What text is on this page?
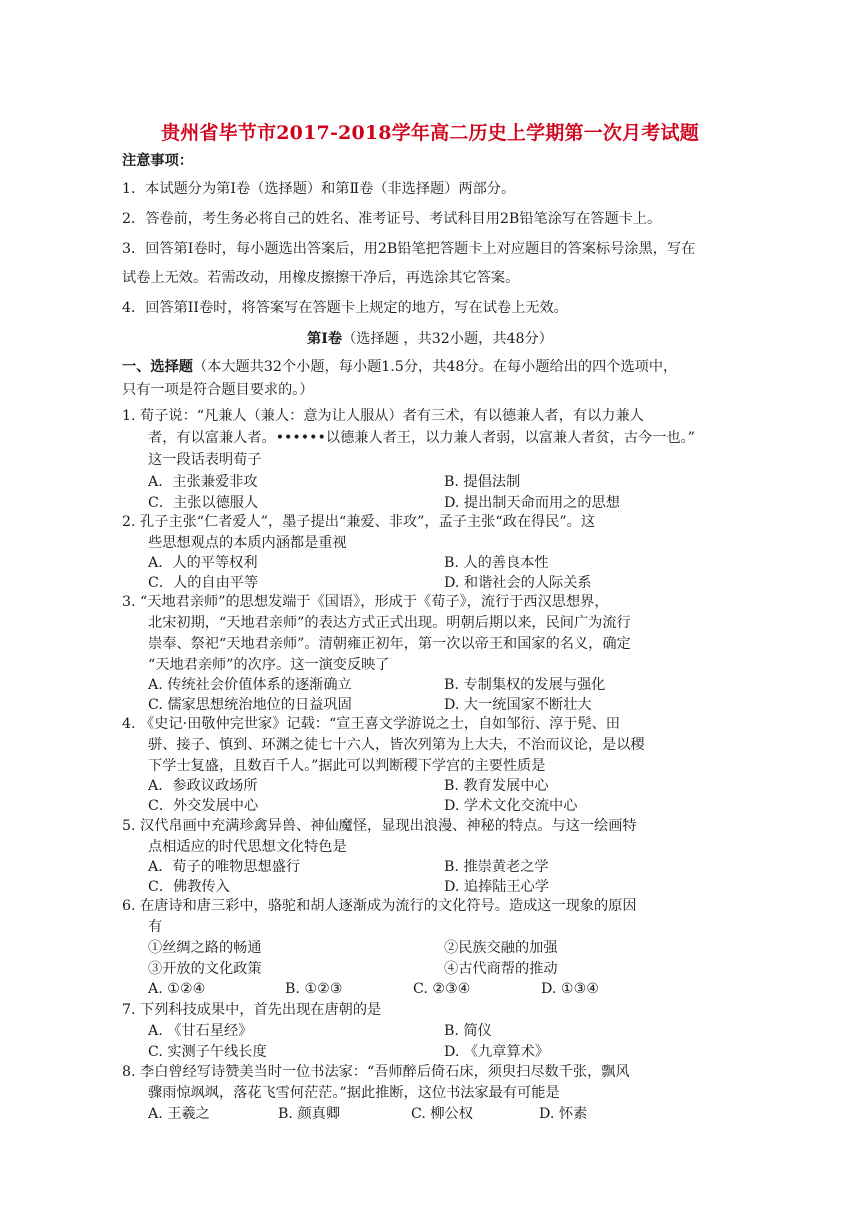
贵州省毕节市2017-2018学年高二历史上学期第一次月考试题
注意事项：
1．本试题分为第Ⅰ卷（选择题）和第Ⅱ卷（非选择题）两部分。
2．答卷前，考生务必将自己的姓名、准考证号、考试科目用2B铅笔涂写在答题卡上。
3．回答第Ⅰ卷时，每小题选出答案后，用2B铅笔把答题卡上对应题目的答案标号涂黑，写在
试卷上无效。若需改动，用橡皮擦擦干净后，再选涂其它答案。
4．回答第II卷时，将答案写在答题卡上规定的地方，写在试卷上无效。
第Ⅰ卷（选择题 ，共32小题，共48分）
一、选择题（本大题共32个小题，每小题1.5分，共48分。在每小题给出的四个选项中，
只有一项是符合题目要求的。）
1. 荀子说：“凡兼人（兼人：意为让人服从）者有三术，有以德兼人者，有以力兼人
者，有以富兼人者。••••••以德兼人者王，以力兼人者弱，以富兼人者贫，古今一也。”
这一段话表明荀子
A．主张兼爱非攻	B. 提倡法制
C．主张以德服人	D. 提出制天命而用之的思想
2. 孔子主张“仁者爱人”，墨子提出“兼爱、非攻”，孟子主张“政在得民”。这
些思想观点的本质内涵都是重视
A．人的平等权利	B. 人的善良本性
C．人的自由平等	D. 和谐社会的人际关系
3. “天地君亲师”的思想发端于《国语》，形成于《荀子》，流行于西汉思想界，
北宋初期，“天地君亲师”的表达方式正式出现。明朝后期以来，民间广为流行
崇奉、祭祀“天地君亲师”。清朝雍正初年，第一次以帝王和国家的名义，确定
“天地君亲师”的次序。这一演变反映了
A. 传统社会价值体系的逐渐确立	B. 专制集权的发展与强化
C. 儒家思想统治地位的日益巩固	D. 大一统国家不断壮大
4. 《史记·田敬仲完世家》记载：“宣王喜文学游说之士，自如邹衍、淳于髡、田
骈、接子、慎到、环渊之徒七十六人，皆次列第为上大夫，不治而议论，是以稷
下学士复盛，且数百千人。”据此可以判断稷下学宫的主要性质是
A．参政议政场所	B. 教育发展中心
C．外交发展中心	D. 学术文化交流中心
5. 汉代帛画中充满珍禽异兽、神仙魔怪，显现出浪漫、神秘的特点。与这一绘画特
点相适应的时代思想文化特色是
A．荀子的唯物思想盛行	B. 推崇黄老之学
C．佛教传入	D. 追捧陆王心学
6. 在唐诗和唐三彩中，骆驼和胡人逐渐成为流行的文化符号。造成这一现象的原因
有
①丝绸之路的畅通	②民族交融的加强
③开放的文化政策	④古代商帮的推动
A. ①②④	B. ①②③	C. ②③④	D. ①③④
7. 下列科技成果中，首先出现在唐朝的是
A. 《甘石星经》	B. 简仪
C. 实测子午线长度	D. 《九章算术》
8. 李白曾经写诗赞美当时一位书法家：“吾师醉后倚石床，须臾扫尽数千张，飘风
骤雨惊飒飒，落花飞雪何茫茫。”据此推断，这位书法家最有可能是
A. 王羲之	B. 颜真卿	C. 柳公权	D. 怀素
